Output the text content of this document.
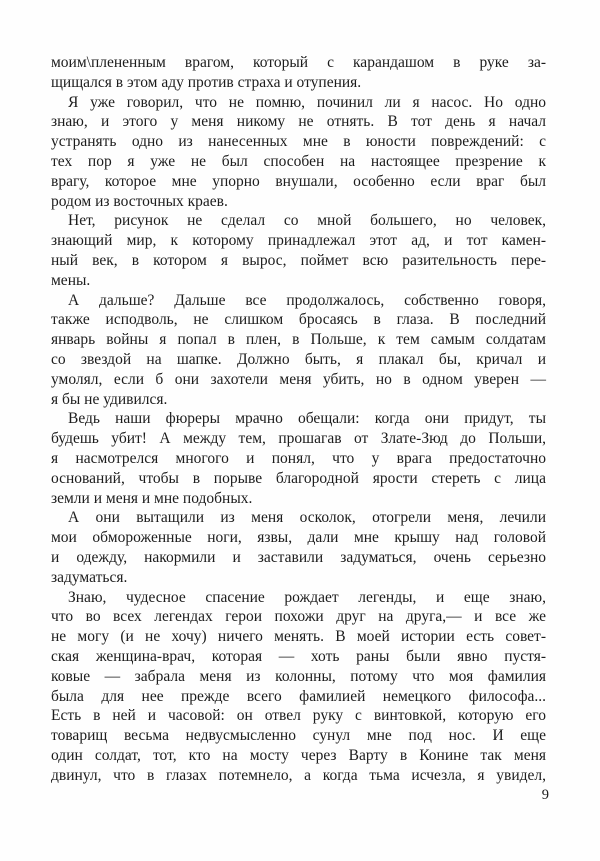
моим\плененным врагом, который с карандашом в руке за-
щищался в этом аду против страха и отупения.
Я уже говорил, что не помню, починил ли я насос. Но одно
знаю, и этого у меня никому не отнять. В тот день я начал
устранять одно из нанесенных мне в юности повреждений: с
тех пор я уже не был способен на настоящее презрение к
врагу, которое мне упорно внушали, особенно если враг был
родом из восточных краев.
Нет, рисунок не сделал со мной большего, но человек,
знающий мир, к которому принадлежал этот ад, и тот камен-
ный век, в котором я вырос, поймет всю разительность пере-
мены.
А дальше? Дальше все продолжалось, собственно говоря,
также исподволь, не слишком бросаясь в глаза. В последний
январь войны я попал в плен, в Польше, к тем самым солдатам
со звездой на шапке. Должно быть, я плакал бы, кричал и
умолял, если б они захотели меня убить, но в одном уверен —
я бы не удивился.
Ведь наши фюреры мрачно обещали: когда они придут, ты
будешь убит! А между тем, прошагав от Злате-Зюд до Польши,
я насмотрелся многого и понял, что у врага предостаточно
оснований, чтобы в порыве благородной ярости стереть с лица
земли и меня и мне подобных.
А они вытащили из меня осколок, отогрели меня, лечили
мои обмороженные ноги, язвы, дали мне крышу над головой
и одежду, накормили и заставили задуматься, очень серьезно
задуматься.
Знаю, чудесное спасение рождает легенды, и еще знаю,
что во всех легендах герои похожи друг на друга,— и все же
не могу (и не хочу) ничего менять. В моей истории есть совет-
ская женщина-врач, которая — хоть раны были явно пустя-
ковые — забрала меня из колонны, потому что моя фамилия
была для нее прежде всего фамилией немецкого философа...
Есть в ней и часовой: он отвел руку с винтовкой, которую его
товарищ весьма недвусмысленно сунул мне под нос. И еще
один солдат, тот, кто на мосту через Варту в Конине так меня
двинул, что в глазах потемнело, а когда тьма исчезла, я увидел,
9
